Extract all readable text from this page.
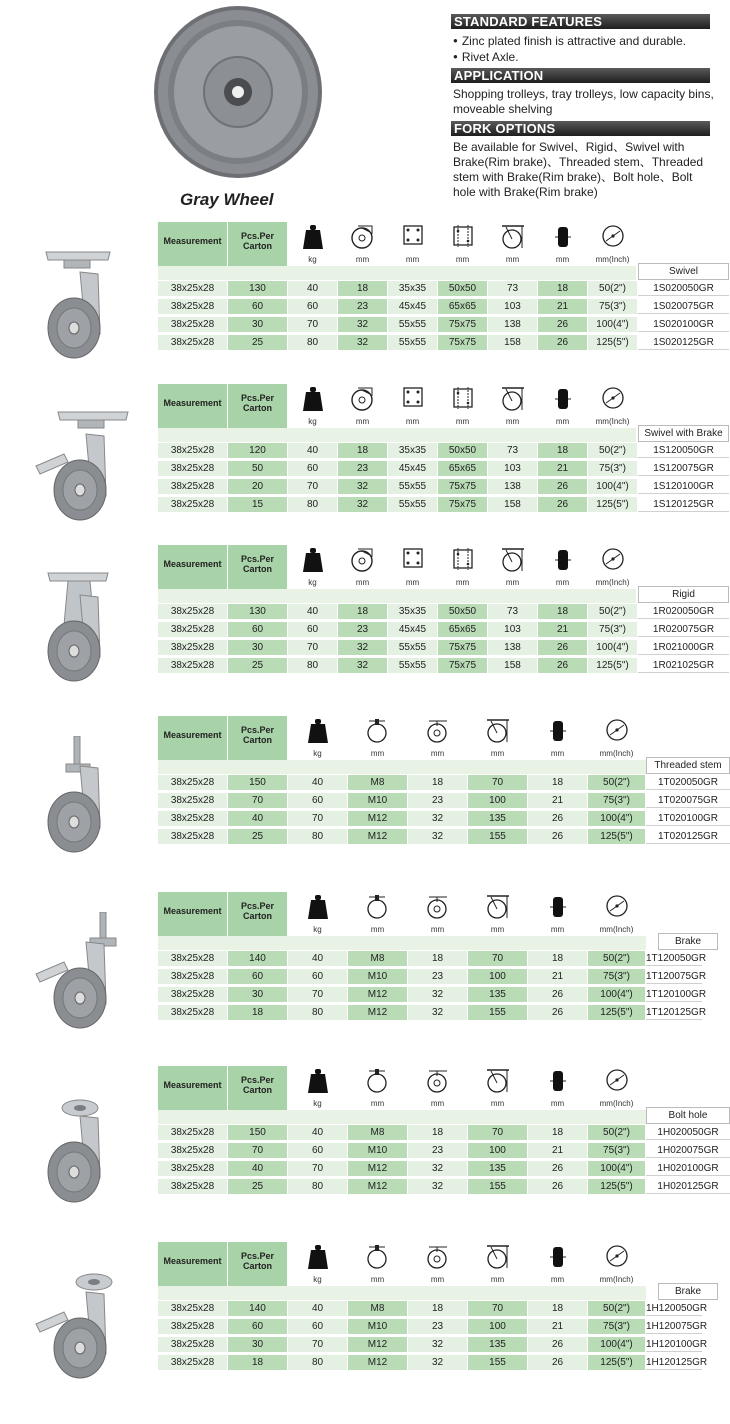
Gray Wheel
STANDARD FEATURES
● Zinc plated finish is attractive and durable.
● Rivet Axle.
APPLICATION
Shopping trolleys, tray trolleys, low capacity bins, moveable shelving
FORK OPTIONS
Be available for Swivel、Rigid、Swivel with Brake(Rim brake)、Threaded stem、Threaded stem with Brake(Rim brake)、Bolt hole、Bolt hole with Brake(Rim brake)
Measurement	Pcs.Per
Carton
kg	mm	mm	mm	mm	mm	mm(Inch)
Swivel
38x25x28	130	40	18	35x35	50x50	73	18	50(2")	1S020050GR
38x25x28	60	60	23	45x45	65x65	103	21	75(3")	1S020075GR
38x25x28	30	70	32	55x55	75x75	138	26	100(4")	1S020100GR
38x25x28	25	80	32	55x55	75x75	158	26	125(5")	1S020125GR
Measurement	Pcs.Per
Carton
kg	mm	mm	mm	mm	mm	mm(Inch)
Swivel with Brake
38x25x28	120	40	18	35x35	50x50	73	18	50(2")	1S120050GR
38x25x28	50	60	23	45x45	65x65	103	21	75(3")	1S120075GR
38x25x28	20	70	32	55x55	75x75	138	26	100(4")	1S120100GR
38x25x28	15	80	32	55x55	75x75	158	26	125(5")	1S120125GR
Measurement	Pcs.Per
Carton
kg	mm	mm	mm	mm	mm	mm(Inch)
Rigid
38x25x28	130	40	18	35x35	50x50	73	18	50(2")	1R020050GR
38x25x28	60	60	23	45x45	65x65	103	21	75(3")	1R020075GR
38x25x28	30	70	32	55x55	75x75	138	26	100(4")	1R021000GR
38x25x28	25	80	32	55x55	75x75	158	26	125(5")	1R021025GR
Measurement	Pcs.Per
Carton
kg	mm	mm	mm	mm	mm(Inch)
Threaded stem
38x25x28	150	40	M8	18	70	18	50(2")	1T020050GR
38x25x28	70	60	M10	23	100	21	75(3")	1T020075GR
38x25x28	40	70	M12	32	135	26	100(4")	1T020100GR
38x25x28	25	80	M12	32	155	26	125(5")	1T020125GR
Measurement	Pcs.Per
Carton
kg	mm	mm	mm	mm	mm(Inch)
Brake
38x25x28	140	40	M8	18	70	18	50(2")	1T120050GR
38x25x28	60	60	M10	23	100	21	75(3")	1T120075GR
38x25x28	30	70	M12	32	135	26	100(4")	1T120100GR
38x25x28	18	80	M12	32	155	26	125(5")	1T120125GR
Measurement	Pcs.Per
Carton
kg	mm	mm	mm	mm	mm(Inch)
Bolt hole
38x25x28	150	40	M8	18	70	18	50(2")	1H020050GR
38x25x28	70	60	M10	23	100	21	75(3")	1H020075GR
38x25x28	40	70	M12	32	135	26	100(4")	1H020100GR
38x25x28	25	80	M12	32	155	26	125(5")	1H020125GR
Measurement	Pcs.Per
Carton
kg	mm	mm	mm	mm	mm(Inch)
Brake
38x25x28	140	40	M8	18	70	18	50(2")	1H120050GR
38x25x28	60	60	M10	23	100	21	75(3")	1H120075GR
38x25x28	30	70	M12	32	135	26	100(4")	1H120100GR
38x25x28	18	80	M12	32	155	26	125(5")	1H120125GR
